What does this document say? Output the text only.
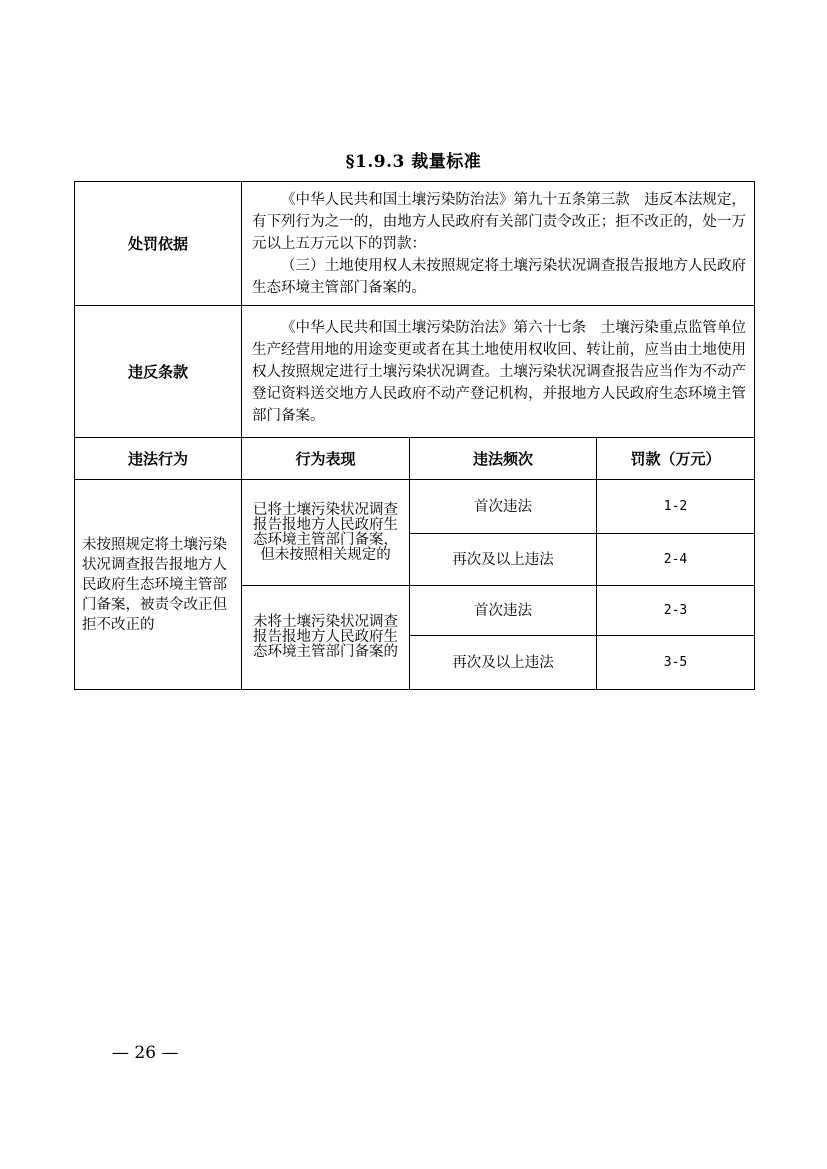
§1.9.3 裁量标准
处罚依据	《中华人民共和国土壤污染防治法》第九十五条第三款　违反本法规定，有下列行为之一的，由地方人民政府有关部门责令改正；拒不改正的，处一万元以上五万元以下的罚款：
（三）土地使用权人未按照规定将土壤污染状况调查报告报地方人民政府生态环境主管部门备案的。		

违反条款	《中华人民共和国土壤污染防治法》第六十七条　土壤污染重点监管单位生产经营用地的用途变更或者在其土地使用权收回、转让前，应当由土地使用权人按照规定进行土壤污染状况调查。土壤污染状况调查报告应当作为不动产登记资料送交地方人民政府不动产登记机构，并报地方人民政府生态环境主管部门备案。		

违法行为	行为表现	违法频次	罚款（万元）
未按照规定将土壤污染状况调查报告报地方人民政府生态环境主管部门备案，被责令改正但拒不改正的	已将土壤污染状况调查报告报地方人民政府生态环境主管部门备案，但未按照相关规定的	首次违法	1-2
		再次及以上违法	2-4
	未将土壤污染状况调查报告报地方人民政府生态环境主管部门备案的	首次违法	2-3
		再次及以上违法	3-5
— 26 —
